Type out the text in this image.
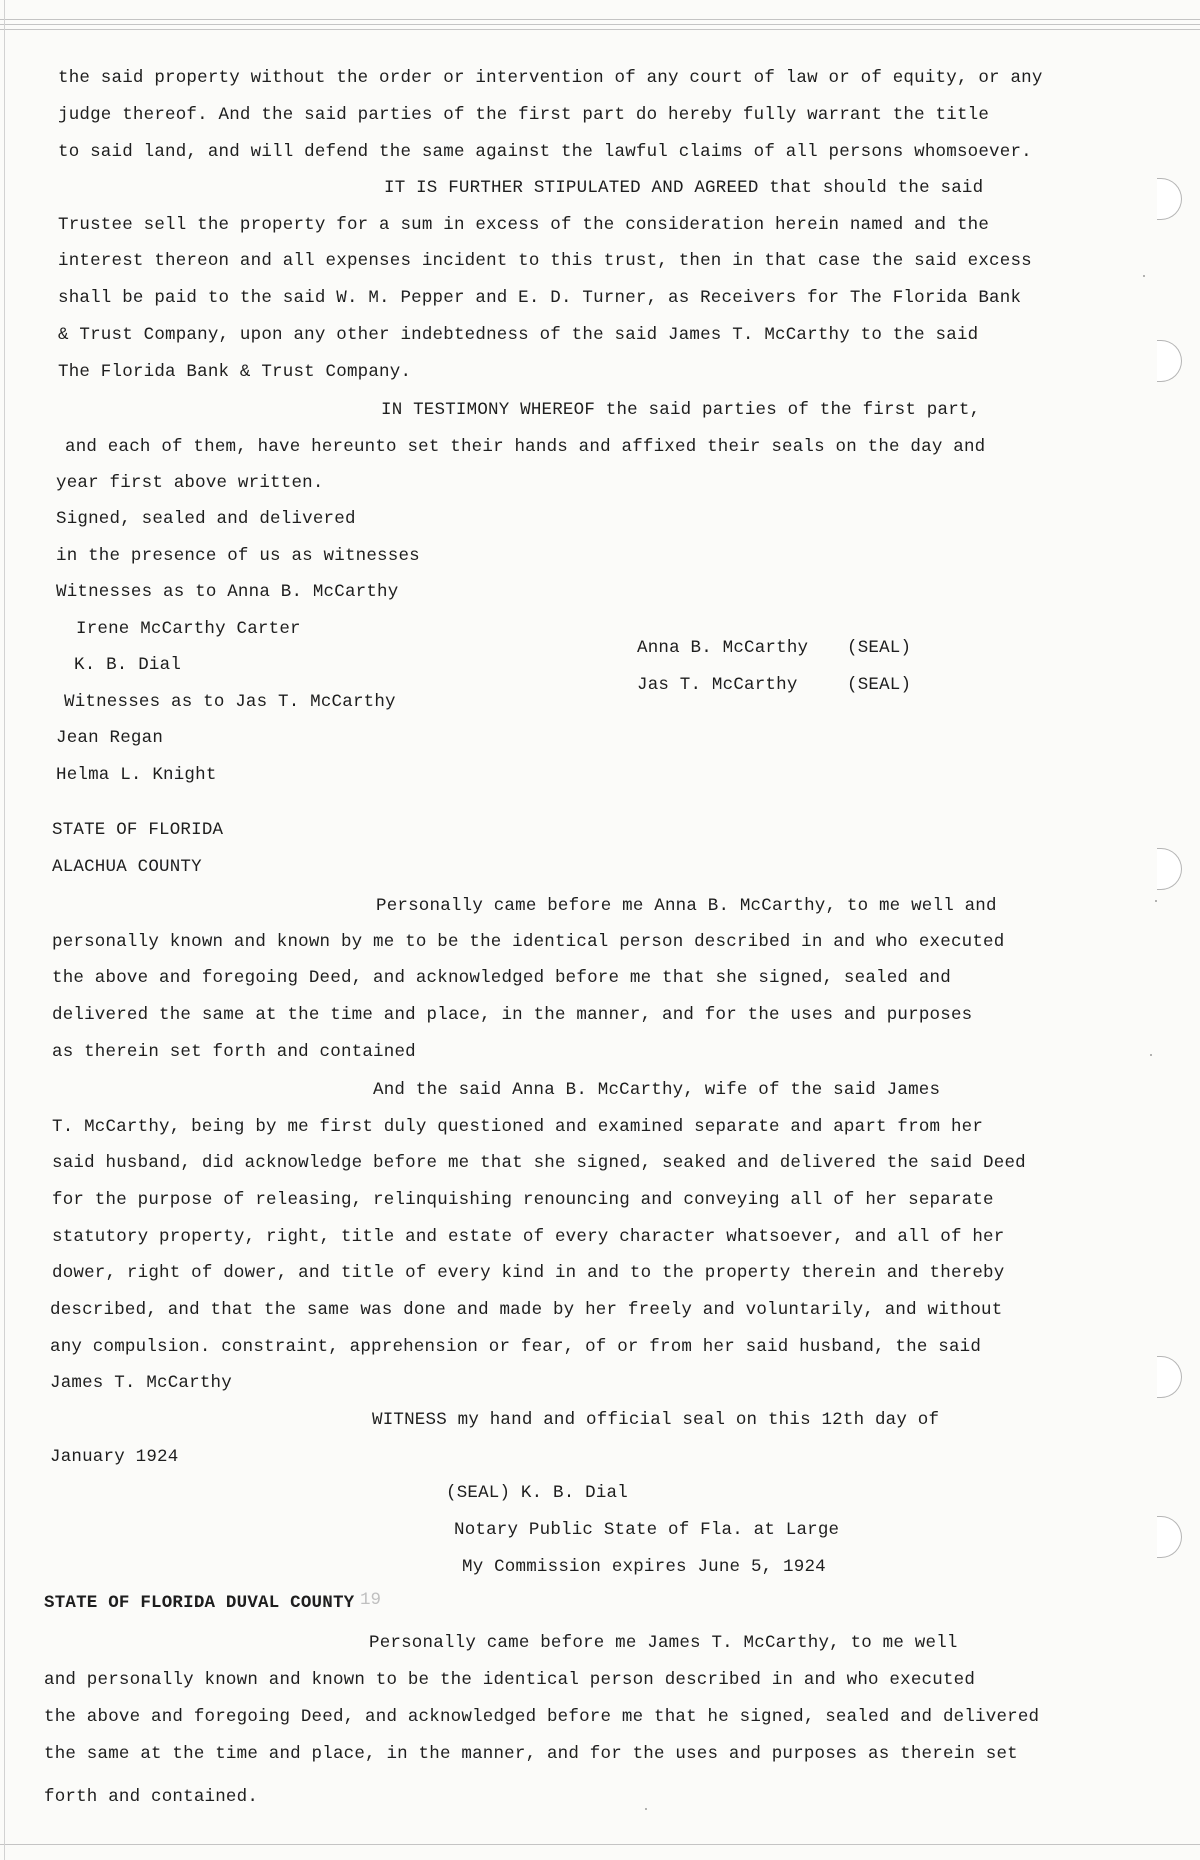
the said property without the order or intervention of any court of law or of equity, or any
judge thereof. And the said parties of the first part do hereby fully warrant the title
to said land, and will defend the same against the lawful claims of all persons whomsoever.
IT IS FURTHER STIPULATED AND AGREED that should the said
Trustee sell the property for a sum in excess of the consideration herein named and the
interest thereon and all expenses incident to this trust, then in that case the said excess
shall be paid to the said W. M. Pepper and E. D. Turner, as Receivers for The Florida Bank
& Trust Company, upon any other indebtedness of the said James T. McCarthy to the said
The Florida Bank & Trust Company.
IN TESTIMONY WHEREOF the said parties of the first part,
and each of them, have hereunto set their hands and affixed their seals on the day and
year first above written.
Signed, sealed and delivered
in the presence of us as witnesses
Witnesses as to Anna B. McCarthy
Irene McCarthy Carter
K. B. Dial
Witnesses as to Jas T. McCarthy
Jean Regan
Helma L. Knight
Anna B. McCarthy (SEAL)
Jas T. McCarthy	(SEAL)
STATE OF FLORIDA
ALACHUA COUNTY
Personally came before me Anna B. McCarthy, to me well and
personally known and known by me to be the identical person described in and who executed
the above and foregoing Deed, and acknowledged before me that she signed, sealed and
delivered the same at the time and place, in the manner, and for the uses and purposes
as therein set forth and contained
And the said Anna B. McCarthy, wife of the said James
T. McCarthy, being by me first duly questioned and examined separate and apart from her
said husband, did acknowledge before me that she signed, seaked and delivered the said Deed
for the purpose of releasing, relinquishing renouncing and conveying all of her separate
statutory property, right, title and estate of every character whatsoever, and all of her
dower, right of dower, and title of every kind in and to the property therein and thereby
described, and that the same was done and made by her freely and voluntarily, and without
any compulsion. constraint, apprehension or fear, of or from her said husband, the said
James T. McCarthy
WITNESS my hand and official seal on this 12th day of
January 1924
(SEAL) K. B. Dial
Notary Public State of Fla. at Large
My Commission expires June 5, 1924
STATE OF FLORIDA DUVAL COUNTY 19
Personally came before me James T. McCarthy, to me well
and personally known and known to be the identical person described in and who executed
the above and foregoing Deed, and acknowledged before me that he signed, sealed and delivered
the same at the time and place, in the manner, and for the uses and purposes as therein set
forth and contained.
